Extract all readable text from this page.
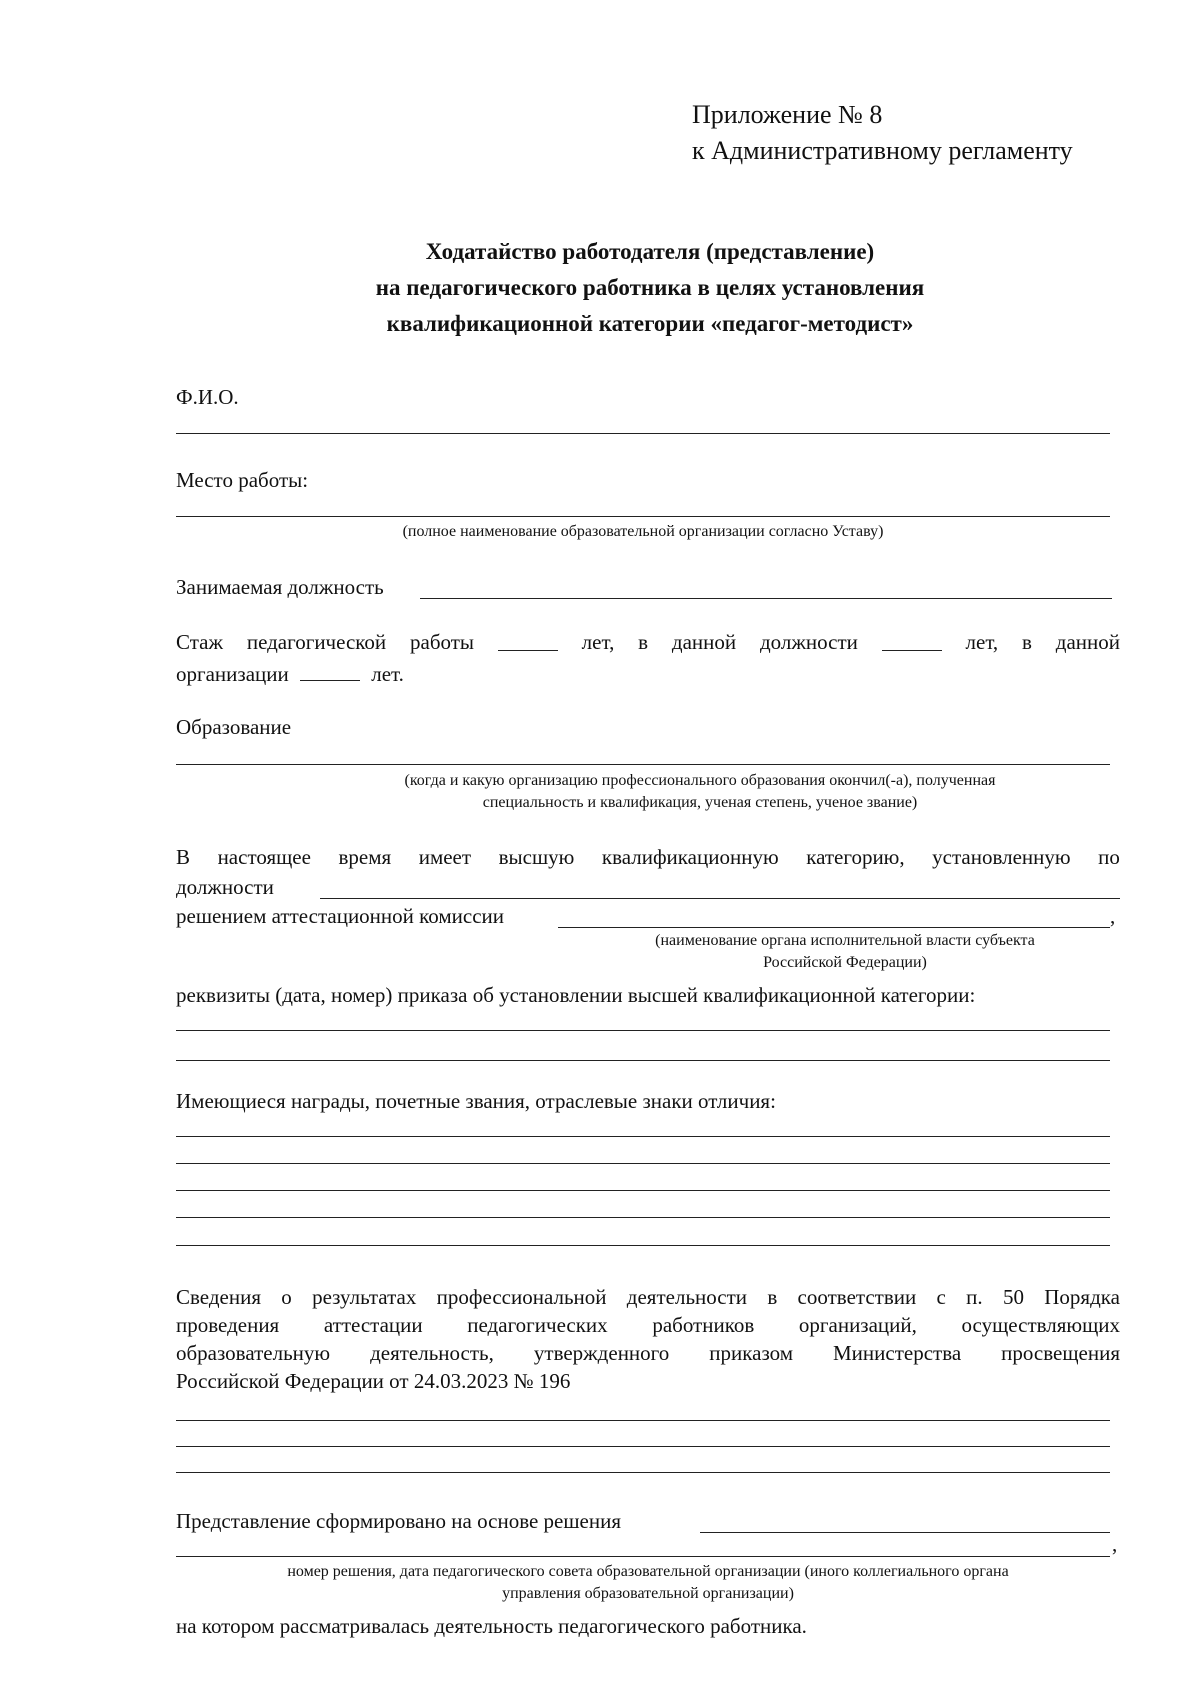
Приложение № 8
к Административному регламенту
Ходатайство работодателя (представление)
на педагогического работника в целях установления
квалификационной категории «педагог-методист»
Ф.И.О.
Место работы:
(полное наименование образовательной организации согласно Уставу)
Занимаемая должность
Стаж педагогической работы	лет, в данной должности	лет, в данной
организации	лет.
Образование
(когда и какую организацию профессионального образования окончил(-а), полученная
специальность и квалификация, ученая степень, ученое звание)
В настоящее время имеет высшую квалификационную категорию, установленную по
должности
решением аттестационной комиссии	,
(наименование органа исполнительной власти субъекта
Российской Федерации)
реквизиты (дата, номер) приказа об установлении высшей квалификационной категории:
Имеющиеся награды, почетные звания, отраслевые знаки отличия:
Сведения о результатах профессиональной деятельности в соответствии с п. 50 Порядка
проведения аттестации педагогических работников организаций, осуществляющих
образовательную деятельность, утвержденного приказом Министерства просвещения
Российской Федерации от 24.03.2023 № 196
Представление сформировано на основе решения
,
номер решения, дата педагогического совета образовательной организации (иного коллегиального органа
управления образовательной организации)
на котором рассматривалась деятельность педагогического работника.
